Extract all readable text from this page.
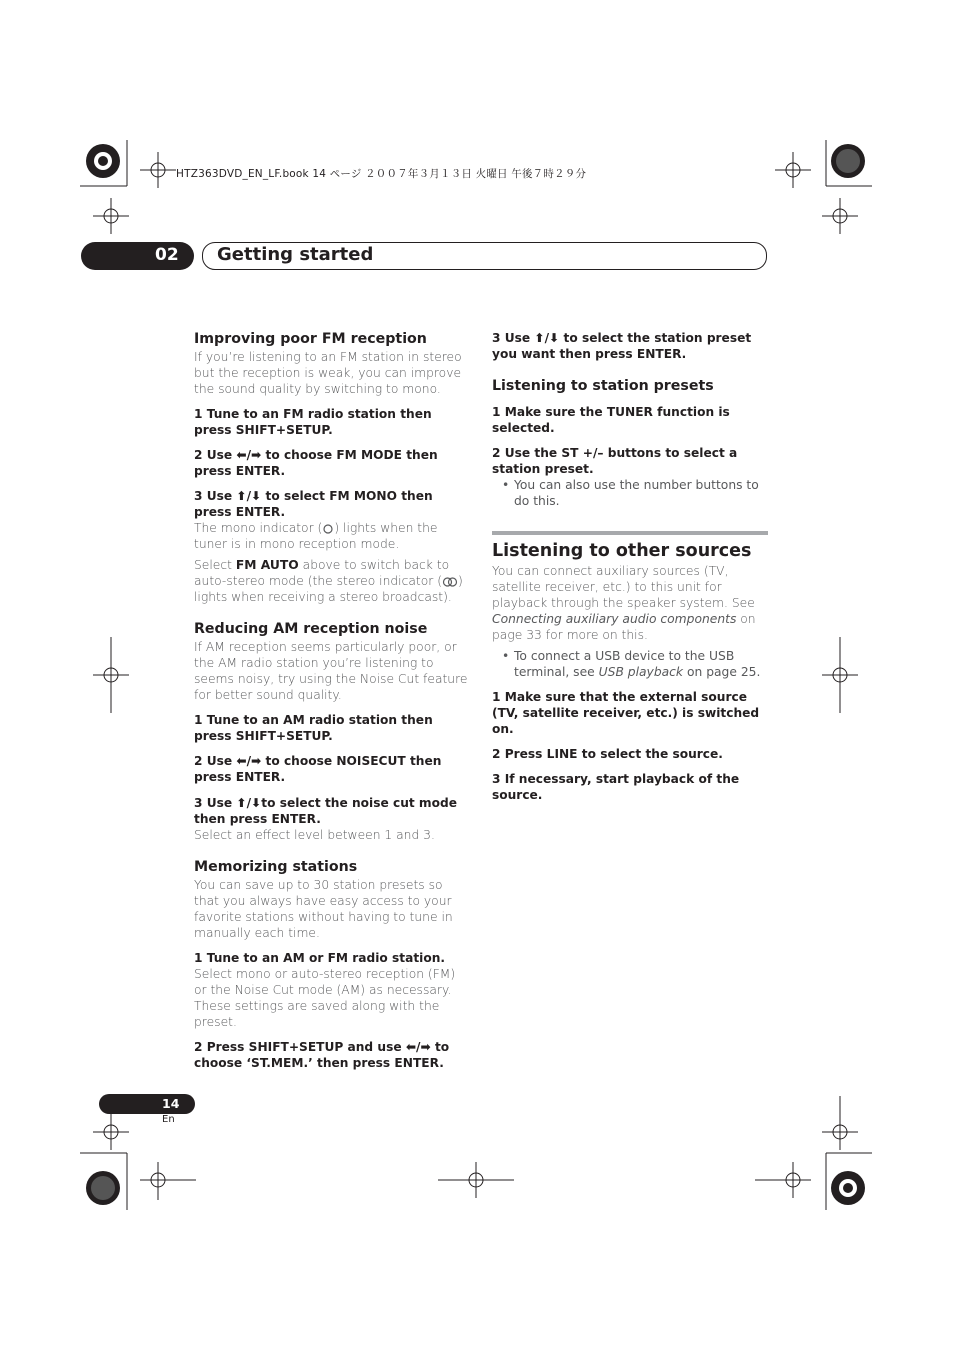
HTZ363DVD_EN_LF.book 14 ページ ２００７年３月１３日 火曜日 午後７時２９分
02 Getting started

Improving poor FM reception

If you’re listening to an FM station in stereo but the reception is weak, you can improve the sound quality by switching to mono.

1 Tune to an FM radio station then press SHIFT+SETUP.

2 Use ⬅/➡ to choose FM MODE then press ENTER.

3 Use ⬆/⬇ to select FM MONO then press ENTER.

The mono indicator ( ) lights when the tuner is in mono reception mode.

Select FM AUTO above to switch back to auto-stereo mode (the stereo indicator ( ) lights when receiving a stereo broadcast).

Reducing AM reception noise

If AM reception seems particularly poor, or the AM radio station you’re listening to seems noisy, try using the Noise Cut feature for better sound quality.

1 Tune to an AM radio station then press SHIFT+SETUP.

2 Use ⬅/➡ to choose NOISECUT then press ENTER.

3 Use ⬆/⬇to select the noise cut mode then press ENTER.

Select an effect level between 1 and 3.

Memorizing stations

You can save up to 30 station presets so that you always have easy access to your favorite stations without having to tune in manually each time.

1 Tune to an AM or FM radio station.

Select mono or auto-stereo reception (FM) or the Noise Cut mode (AM) as necessary. These settings are saved along with the preset.

2 Press SHIFT+SETUP and use ⬅/➡ to choose ‘ST.MEM.’ then press ENTER.

3 Use ⬆/⬇ to select the station preset you want then press ENTER.

Listening to station presets

1 Make sure the TUNER function is selected.

2 Use the ST +/– buttons to select a station preset.

• You can also use the number buttons to do this.

Listening to other sources

You can connect auxiliary sources (TV, satellite receiver, etc.) to this unit for playback through the speaker system. See Connecting auxiliary audio components on page 33 for more on this.

• To connect a USB device to the USB terminal, see USB playback on page 25.

1 Make sure that the external source (TV, satellite receiver, etc.) is switched on.

2 Press LINE to select the source.

3 If necessary, start playback of the source.

14
En
